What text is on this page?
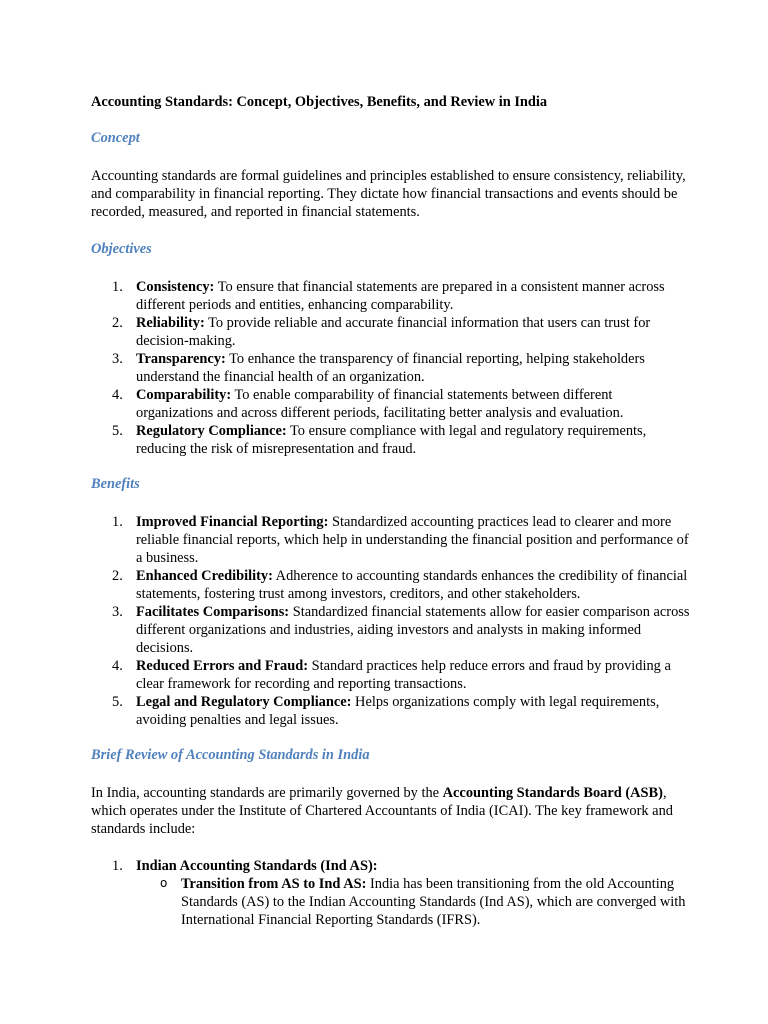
Accounting Standards: Concept, Objectives, Benefits, and Review in India

Concept

Accounting standards are formal guidelines and principles established to ensure consistency, reliability, and comparability in financial reporting. They dictate how financial transactions and events should be recorded, measured, and reported in financial statements.

Objectives

1. Consistency: To ensure that financial statements are prepared in a consistent manner across different periods and entities, enhancing comparability.
2. Reliability: To provide reliable and accurate financial information that users can trust for decision-making.
3. Transparency: To enhance the transparency of financial reporting, helping stakeholders understand the financial health of an organization.
4. Comparability: To enable comparability of financial statements between different organizations and across different periods, facilitating better analysis and evaluation.
5. Regulatory Compliance: To ensure compliance with legal and regulatory requirements, reducing the risk of misrepresentation and fraud.

Benefits

1. Improved Financial Reporting: Standardized accounting practices lead to clearer and more reliable financial reports, which help in understanding the financial position and performance of a business.
2. Enhanced Credibility: Adherence to accounting standards enhances the credibility of financial statements, fostering trust among investors, creditors, and other stakeholders.
3. Facilitates Comparisons: Standardized financial statements allow for easier comparison across different organizations and industries, aiding investors and analysts in making informed decisions.
4. Reduced Errors and Fraud: Standard practices help reduce errors and fraud by providing a clear framework for recording and reporting transactions.
5. Legal and Regulatory Compliance: Helps organizations comply with legal requirements, avoiding penalties and legal issues.

Brief Review of Accounting Standards in India

In India, accounting standards are primarily governed by the Accounting Standards Board (ASB), which operates under the Institute of Chartered Accountants of India (ICAI). The key framework and standards include:

1. Indian Accounting Standards (Ind AS):
o Transition from AS to Ind AS: India has been transitioning from the old Accounting Standards (AS) to the Indian Accounting Standards (Ind AS), which are converged with International Financial Reporting Standards (IFRS).
